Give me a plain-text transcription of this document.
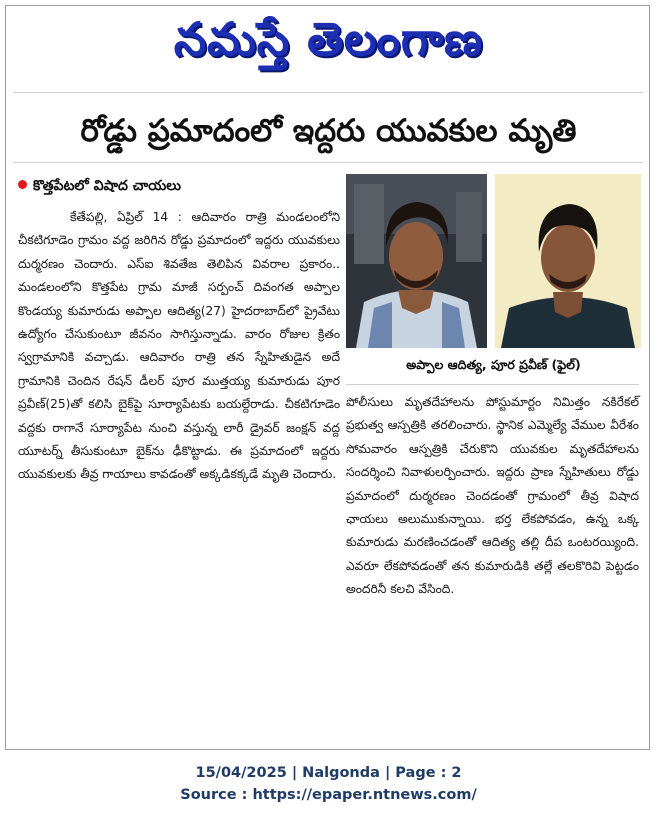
నమస్తే తెలంగాణ
రోడ్డు ప్రమాదంలో ఇద్దరు యువకుల మృతి
కొత్తపేటలో విషాద చాయలు

కేతేపల్లి, ఏప్రిల్ 14 : ఆదివారం రాత్రి మండలంలోని చీకటిగూడెం గ్రామం వద్ద జరిగిన రోడ్డు ప్రమాదంలో ఇద్దరు యువకులు దుర్మరణం చెందారు. ఎస్ఐ శివతేజ తెలిపిన వివరాల ప్రకారం.. మండలంలోని కొత్తపేట గ్రామ మాజీ సర్పంచ్ దివంగత అప్పాల కొండయ్య కుమారుడు అప్పాల ఆదిత్య(27) హైదరాబాద్‌లో ప్రైవేటు ఉద్యోగం చేసుకుంటూ జీవనం సాగిస్తున్నాడు. వారం రోజుల క్రితం స్వగ్రామానికి వచ్చాడు. ఆదివారం రాత్రి తన స్నేహితుడైన అదే గ్రామానికి చెందిన రేషన్ డీలర్ పూర ముత్తయ్య కుమారుడు పూర ప్రవీణ్(25)తో కలిసి బైక్‌పై సూర్యాపేటకు బయల్దేరాడు. చీకటిగూడెం వద్దకు రాగానే సూర్యాపేట నుంచి వస్తున్న లారీ డ్రైవర్ జంక్షన్ వద్ద యూటర్న్ తీసుకుంటూ బైక్‌ను ఢీకొట్టాడు. ఈ ప్రమాదంలో ఇద్దరు యువకులకు తీవ్ర గాయాలు కావడంతో అక్కడికక్కడే మృతి చెందారు.

అప్పాల ఆదిత్య, పూర ప్రవీణ్ (ఫైల్)

పోలీసులు మృతదేహాలను పోస్టుమార్టం నిమిత్తం నకిరేకల్ ప్రభుత్వ ఆస్పత్రికి తరలించారు. స్థానిక ఎమ్మెల్యే వేముల వీరేశం సోమవారం ఆస్పత్రికి చేరుకొని యువకుల మృతదేహాలను సందర్శించి నివాళులర్పించారు. ఇద్దరు ప్రాణ స్నేహితులు రోడ్డు ప్రమాదంలో దుర్మరణం చెందడంతో గ్రామంలో తీవ్ర విషాద ఛాయలు అలుముకున్నాయి. భర్త లేకపోవడం, ఉన్న ఒక్క కుమారుడు మరణించడంతో ఆదిత్య తల్లి దీప ఒంటరయ్యింది. ఎవరూ లేకపోవడంతో తన కుమారుడికి తల్లే తలకొరివి పెట్టడం అందరినీ కలచి వేసింది.

15/04/2025 | Nalgonda | Page : 2
Source : https://epaper.ntnews.com/
